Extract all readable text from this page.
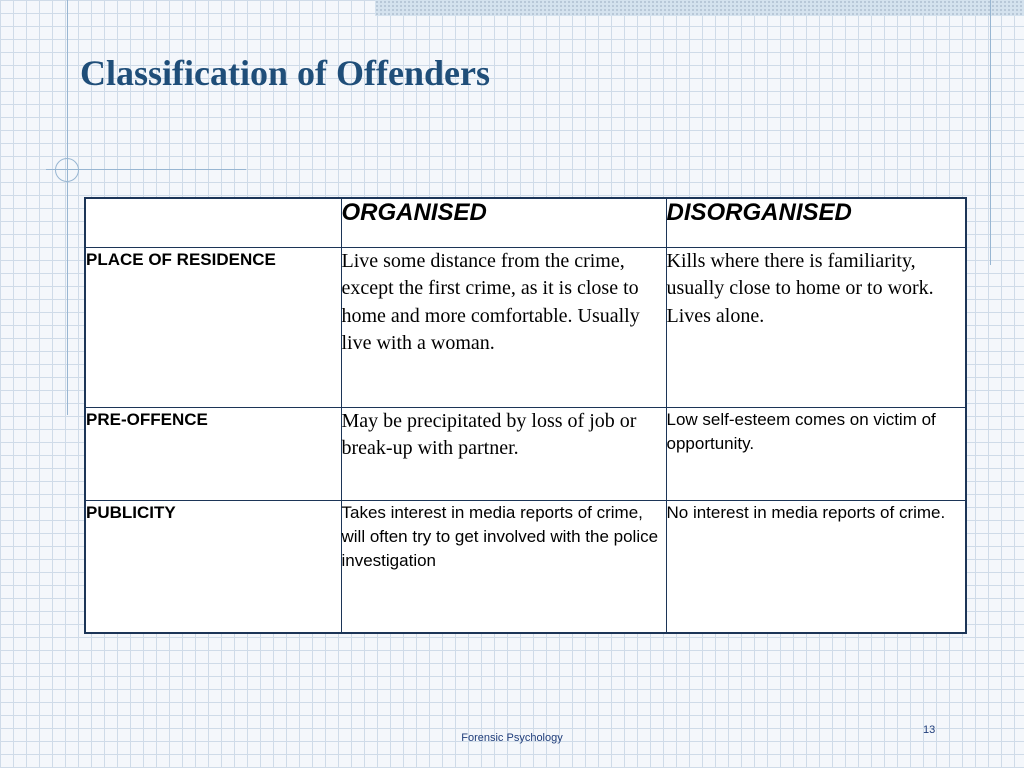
Classification of Offenders
	ORGANISED	DISORGANISED
PLACE OF RESIDENCE	Live some distance from the crime, except the first crime, as it is close to home and more comfortable. Usually live with a woman.	Kills where there is familiarity, usually close to home or to work. Lives alone.
PRE-OFFENCE	May be precipitated by loss of job or break-up with partner.	Low self-esteem comes on victim of opportunity.
PUBLICITY	Takes interest in media reports of crime, will often try to get involved with the police investigation	No interest in media reports of crime.
Forensic Psychology
13
